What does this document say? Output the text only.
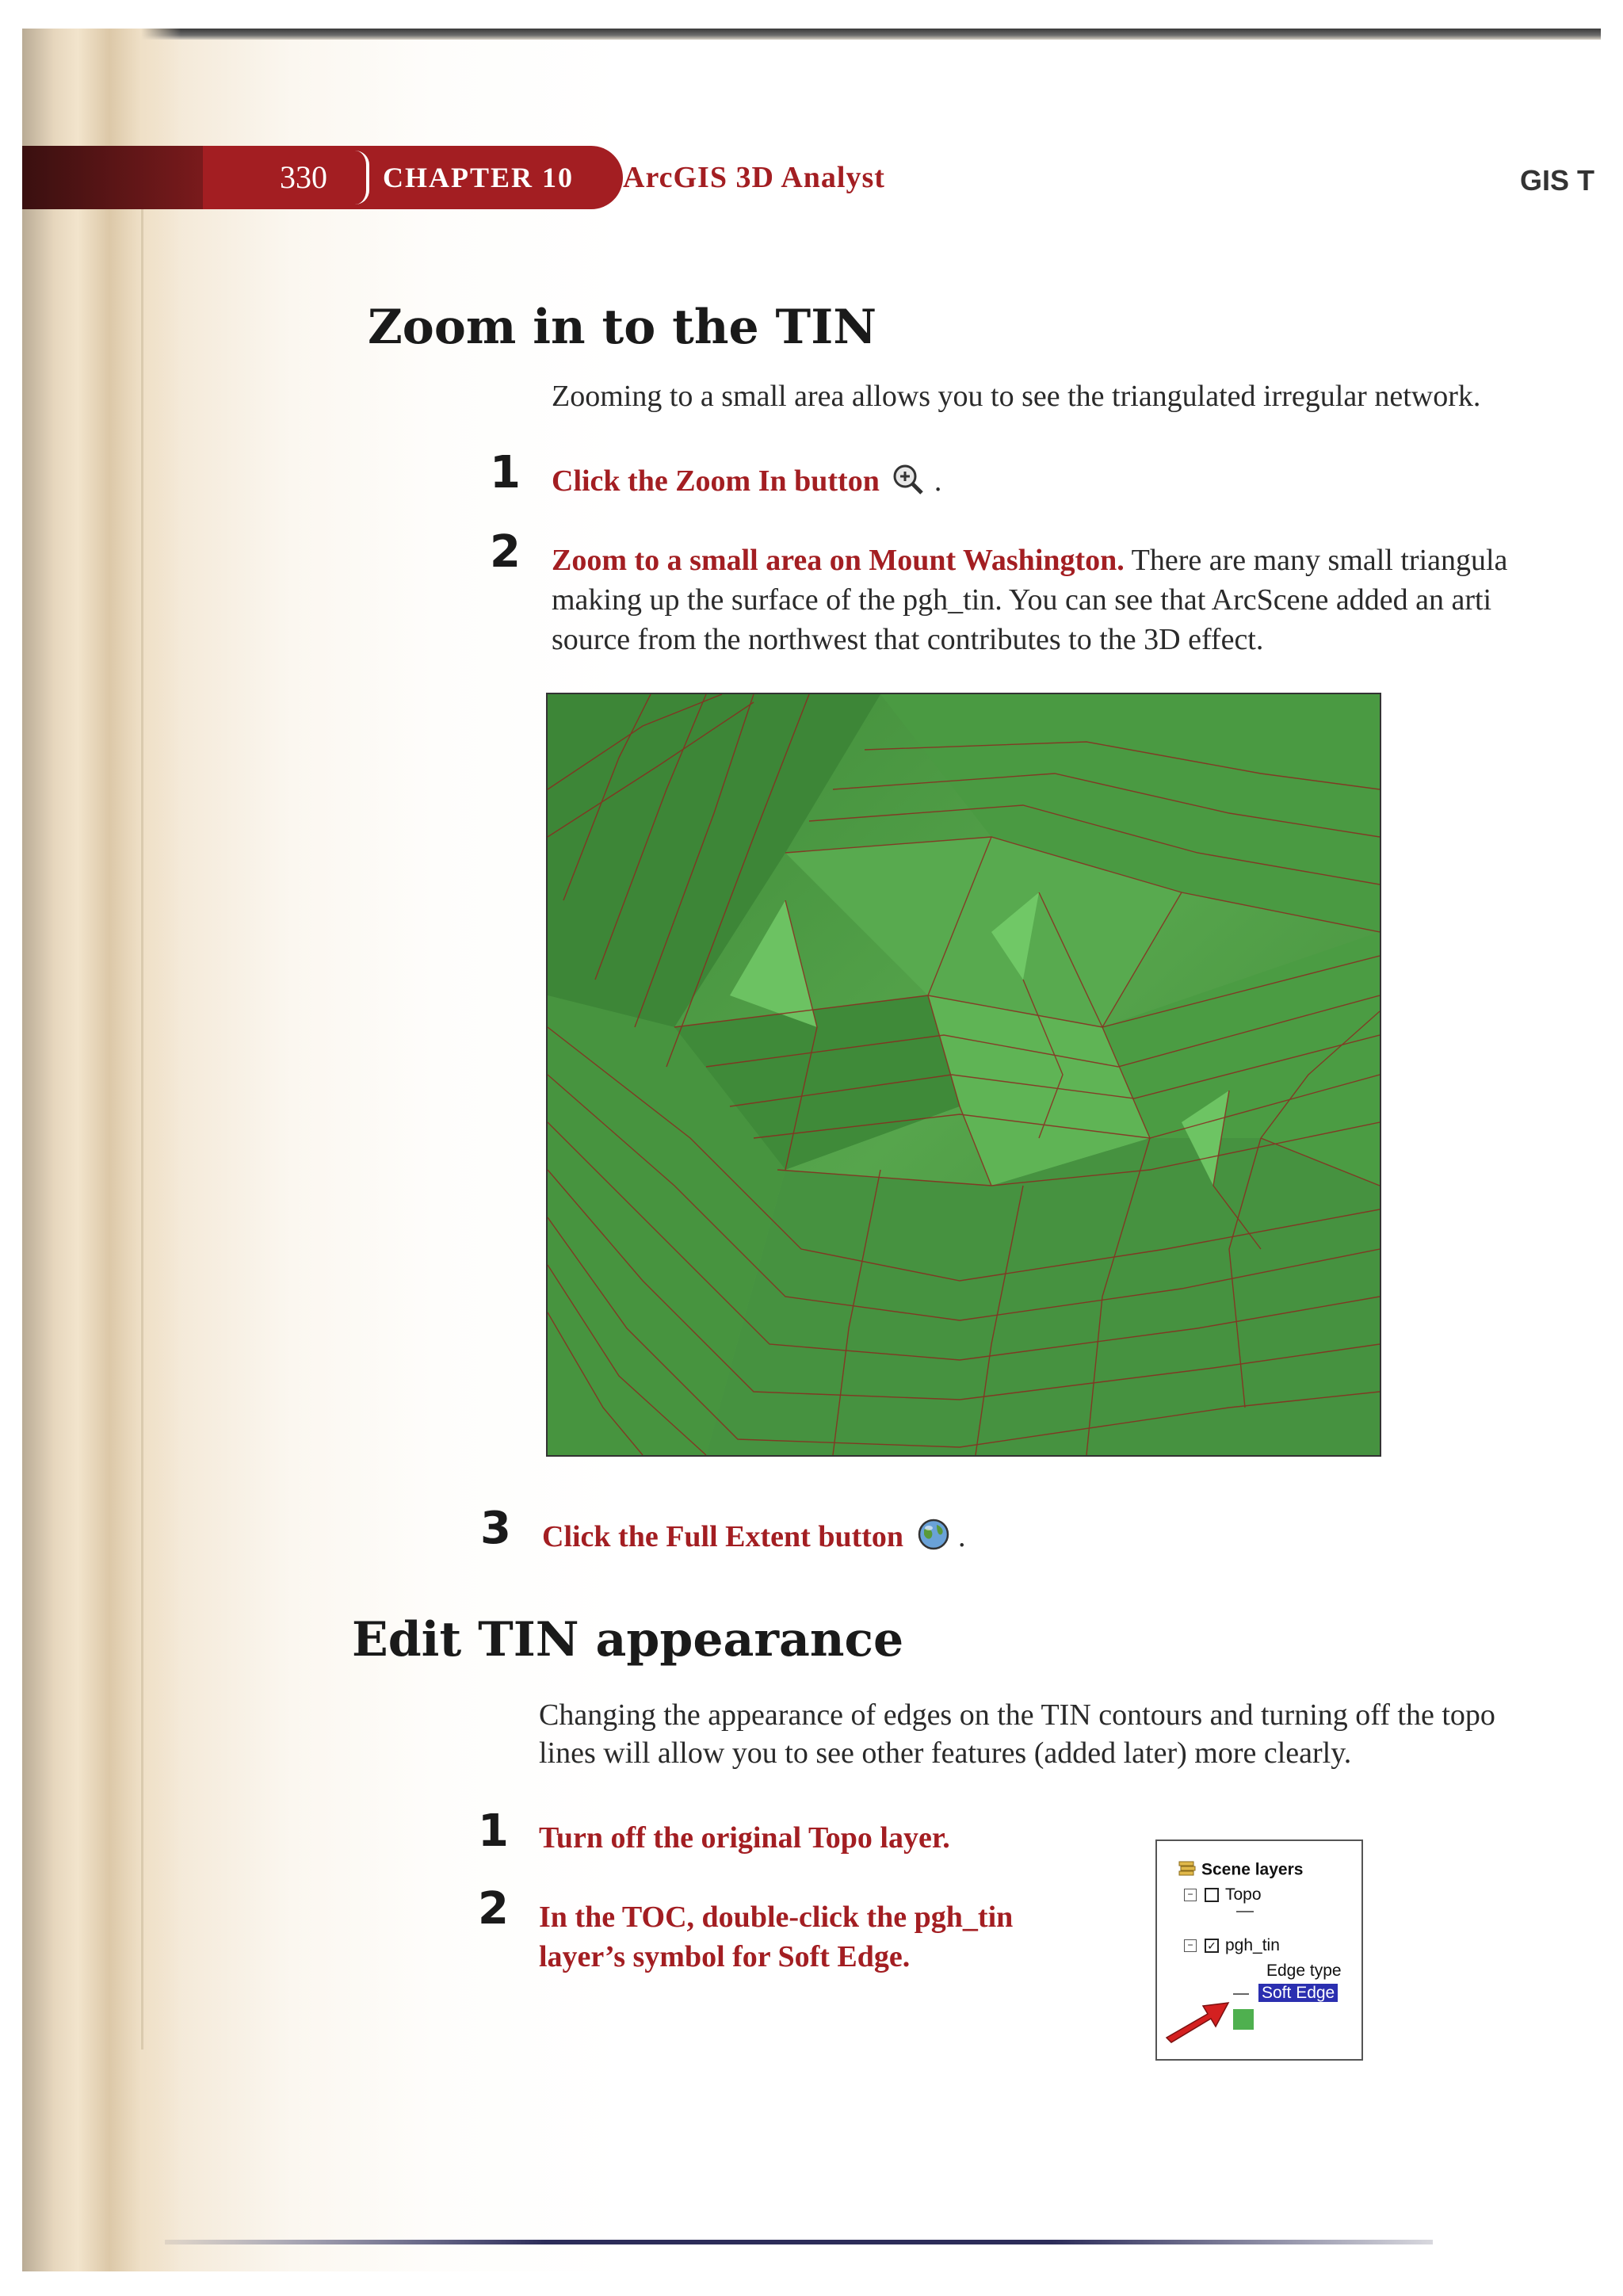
330	CHAPTER 10 ArcGIS 3D Analyst	GIS T
Zoom in to the TIN
Zooming to a small area allows you to see the triangulated irregular network.
1 Click the Zoom In button .
2 Zoom to a small area on Mount Washington. There are many small triangula
making up the surface of the pgh_tin. You can see that ArcScene added an arti
source from the northwest that contributes to the 3D effect.
3 Click the Full Extent button .
Edit TIN appearance
Changing the appearance of edges on the TIN contours and turning off the topo
lines will allow you to see other features (added later) more clearly.
1 Turn off the original Topo layer.
2 In the TOC, double-click the pgh_tin
layer’s symbol for Soft Edge.
Scene layers
− Topo
− ✓ pgh_tin
Edge type
Soft Edge
